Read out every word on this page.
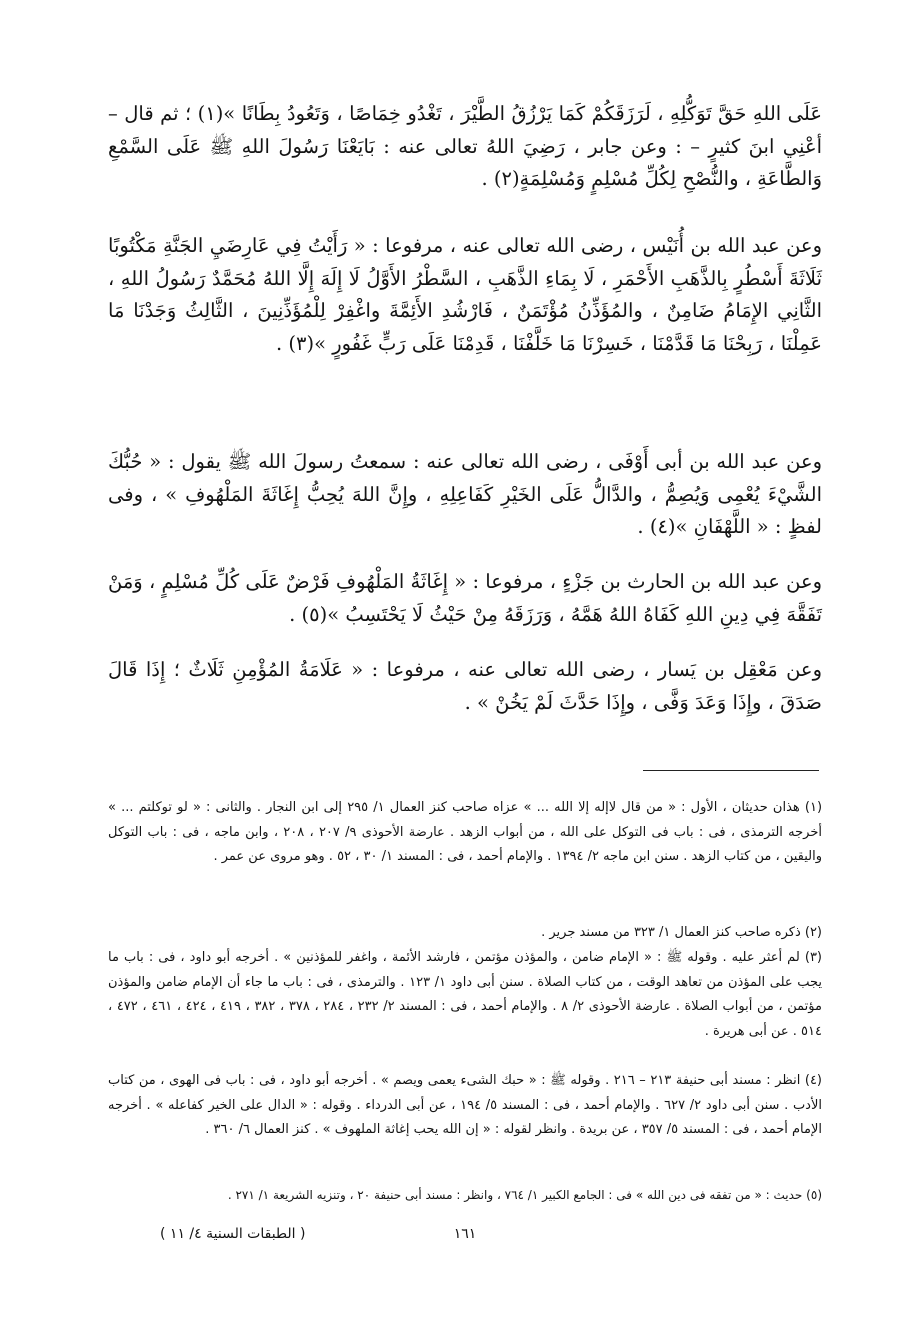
عَلَى اللهِ حَقَّ تَوَكُّلِهِ ، لَرَزَقَكُمْ كَمَا يَرْزُقُ الطَّيْرَ ، تَغْدُو خِمَاصًا ، وَتَعُودُ بِطَانًا »(١) ؛ ثم قال – أعْنِي ابنَ كثيرٍ – : وعن جابر ، رَضِيَ اللهُ تعالى عنه : بَايَعْنَا رَسُولَ اللهِ ﷺ عَلَى السَّمْعِ وَالطَّاعَةِ ، والنُّصْحِ لِكُلِّ مُسْلِمٍ وَمُسْلِمَةٍ(٢) .

وعن عبد الله بن أُنَيْس ، رضى الله تعالى عنه ، مرفوعا : « رَأَيْتُ فِي عَارِضَيِ الجَنَّةِ مَكْتُوبًا ثَلَاثَةَ أَسْطُرٍ بِالذَّهَبِ الأَحْمَرِ ، لَا بِمَاءِ الذَّهَبِ ، السَّطْرُ الأَوَّلُ لَا إِلَهَ إِلَّا اللهُ مُحَمَّدٌ رَسُولُ اللهِ ، الثَّانِي الإِمَامُ ضَامِنٌ ، والمُؤَذِّنُ مُؤْتَمَنٌ ، فَارْشُدِ الأَئِمَّةَ واغْفِرْ لِلْمُؤَذِّنِينَ ، الثَّالِثُ وَجَدْنَا مَا عَمِلْنَا ، رَبِحْنَا مَا قَدَّمْنَا ، خَسِرْنَا مَا خَلَّفْنَا ، قَدِمْنَا عَلَى رَبٍّ غَفُورٍ »(٣) .

وعن عبد الله بن أبى أَوْفَى ، رضى الله تعالى عنه : سمعتُ رسولَ الله ﷺ يقول : « حُبُّكَ الشَّيْءَ يُعْمِى وَيُصِمُّ ، والدَّالُّ عَلَى الخَيْرِ كَفَاعِلِهِ ، وإِنَّ اللهَ يُحِبُّ إِغَاثَةَ المَلْهُوفِ » ، وفى لفظٍ : « اللَّهْفَانِ »(٤) .

وعن عبد الله بن الحارث بن جَزْءٍ ، مرفوعا : « إِغَاثَةُ المَلْهُوفِ فَرْضٌ عَلَى كُلِّ مُسْلِمٍ ، وَمَنْ تَفَقَّهَ فِي دِينِ اللهِ كَفَاهُ اللهُ هَمَّهُ ، وَرَزَقَهُ مِنْ حَيْثُ لَا يَحْتَسِبُ »(٥) .

وعن مَعْقِل بن يَسار ، رضى الله تعالى عنه ، مرفوعا : « عَلَامَةُ المُؤْمِنِ ثَلَاثٌ ؛ إِذَا قَالَ صَدَقَ ، وإِذَا وَعَدَ وَفَّى ، وإِذَا حَدَّثَ لَمْ يَخُنْ » .

(١) هذان حديثان ، الأول : « من قال لاإله إلا الله ... » عزاه صاحب كنز العمال ١/ ٢٩٥ إلى ابن النجار . والثانى : « لو توكلتم ... » أخرجه الترمذى ، فى : باب فى التوكل على الله ، من أبواب الزهد . عارضة الأحوذى ٩/ ٢٠٧ ، ٢٠٨ ، وابن ماجه ، فى : باب التوكل واليقين ، من كتاب الزهد . سنن ابن ماجه ٢/ ١٣٩٤ . والإمام أحمد ، فى : المسند ١/ ٣٠ ، ٥٢ . وهو مروى عن عمر .

(٢) ذكره صاحب كنز العمال ١/ ٣٢٣ من مسند جرير .

(٣) لم أعثر عليه . وقوله ﷺ : « الإمام ضامن ، والمؤذن مؤتمن ، فارشد الأئمة ، واغفر للمؤذنين » . أخرجه أبو داود ، فى : باب ما يجب على المؤذن من تعاهد الوقت ، من كتاب الصلاة . سنن أبى داود ١/ ١٢٣ . والترمذى ، فى : باب ما جاء أن الإمام ضامن والمؤذن مؤتمن ، من أبواب الصلاة . عارضة الأحوذى ٢/ ٨ . والإمام أحمد ، فى : المسند ٢/ ٢٣٢ ، ٢٨٤ ، ٣٧٨ ، ٣٨٢ ، ٤١٩ ، ٤٢٤ ، ٤٦١ ، ٤٧٢ ، ٥١٤ . عن أبى هريرة .

(٤) انظر : مسند أبى حنيفة ٢١٣ – ٢١٦ . وقوله ﷺ : « حبك الشىء يعمى ويصم » . أخرجه أبو داود ، فى : باب فى الهوى ، من كتاب الأدب . سنن أبى داود ٢/ ٦٢٧ . والإمام أحمد ، فى : المسند ٥/ ١٩٤ ، عن أبى الدرداء . وقوله : « الدال على الخير كفاعله » . أخرجه الإمام أحمد ، فى : المسند ٥/ ٣٥٧ ، عن بريدة . وانظر لقوله : « إن الله يحب إغاثة الملهوف » . كنز العمال ٦/ ٣٦٠ .

(٥) حديث : « من تفقه فى دين الله » فى : الجامع الكبير ١/ ٧٦٤ ، وانظر : مسند أبى حنيفة ٢٠ ، وتنزيه الشريعة ١/ ٢٧١ .

١٦١
( الطبقات السنية ٤/ ١١ )
